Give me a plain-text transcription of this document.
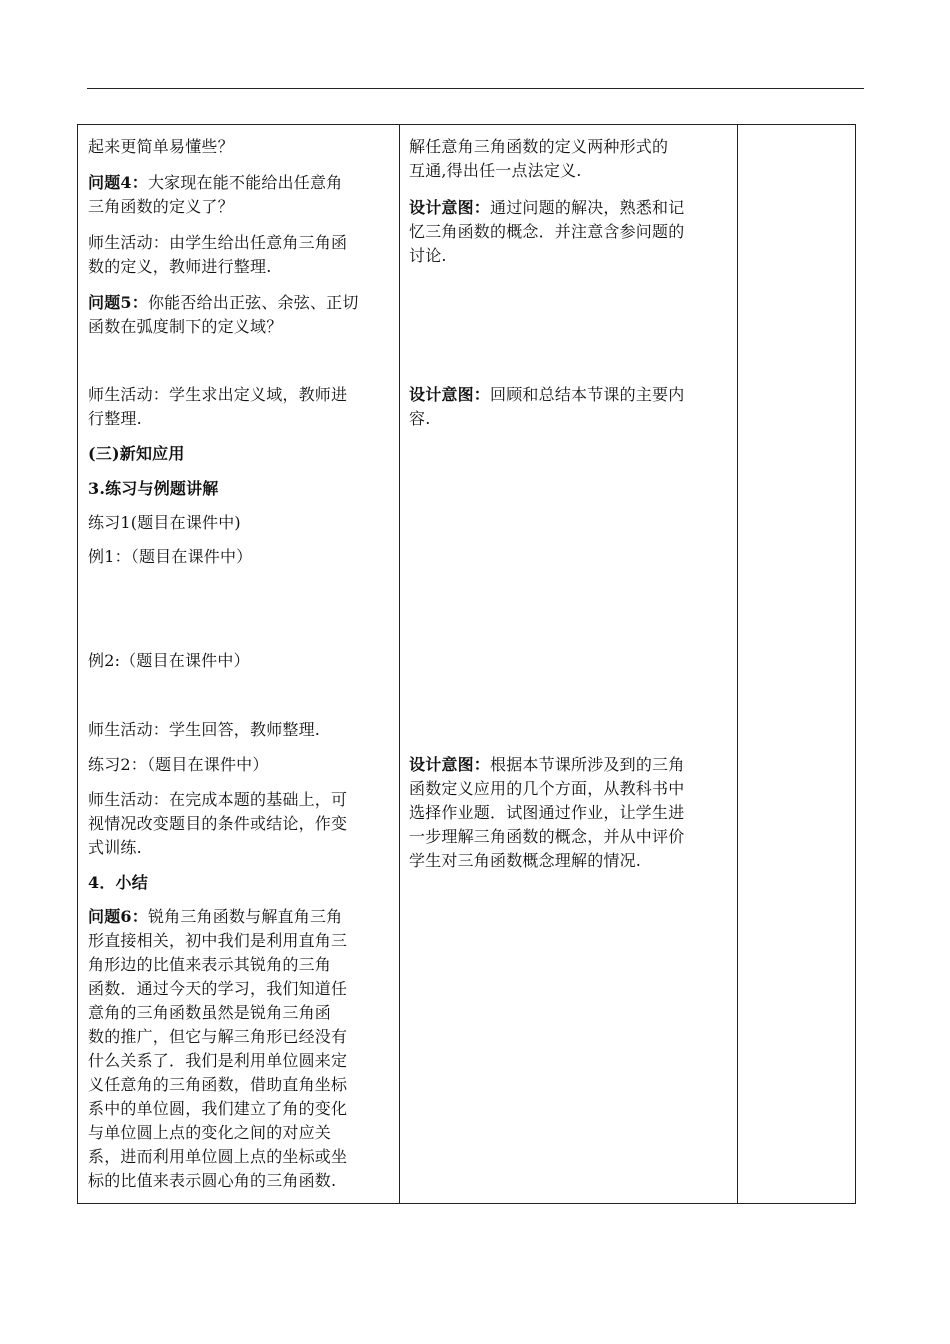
起来更简单易懂些？

问题4：大家现在能不能给出任意角
三角函数的定义了？

师生活动：由学生给出任意角三角函
数的定义，教师进行整理.

问题5：你能否给出正弦、余弦、正切
函数在弧度制下的定义域？

师生活动：学生求出定义域，教师进
行整理.

(三)新知应用

3.练习与例题讲解

练习1(题目在课件中)

例1：（题目在课件中）

例2:（题目在课件中）

师生活动：学生回答，教师整理.

练习2：（题目在课件中）

师生活动：在完成本题的基础上，可
视情况改变题目的条件或结论，作变
式训练.

4．小结

问题6：锐角三角函数与解直角三角
形直接相关，初中我们是利用直角三
角形边的比值来表示其锐角的三角
函数．通过今天的学习，我们知道任
意角的三角函数虽然是锐角三角函
数的推广，但它与解三角形已经没有
什么关系了．我们是利用单位圆来定
义任意角的三角函数，借助直角坐标
系中的单位圆，我们建立了角的变化
与单位圆上点的变化之间的对应关
系，进而利用单位圆上点的坐标或坐
标的比值来表示圆心角的三角函数.

解任意角三角函数的定义两种形式的
互通,得出任一点法定义.

设计意图：通过问题的解决，熟悉和记
忆三角函数的概念．并注意含参问题的
讨论.

设计意图：回顾和总结本节课的主要内
容.

设计意图：根据本节课所涉及到的三角
函数定义应用的几个方面，从教科书中
选择作业题．试图通过作业，让学生进
一步理解三角函数的概念，并从中评价
学生对三角函数概念理解的情况.
